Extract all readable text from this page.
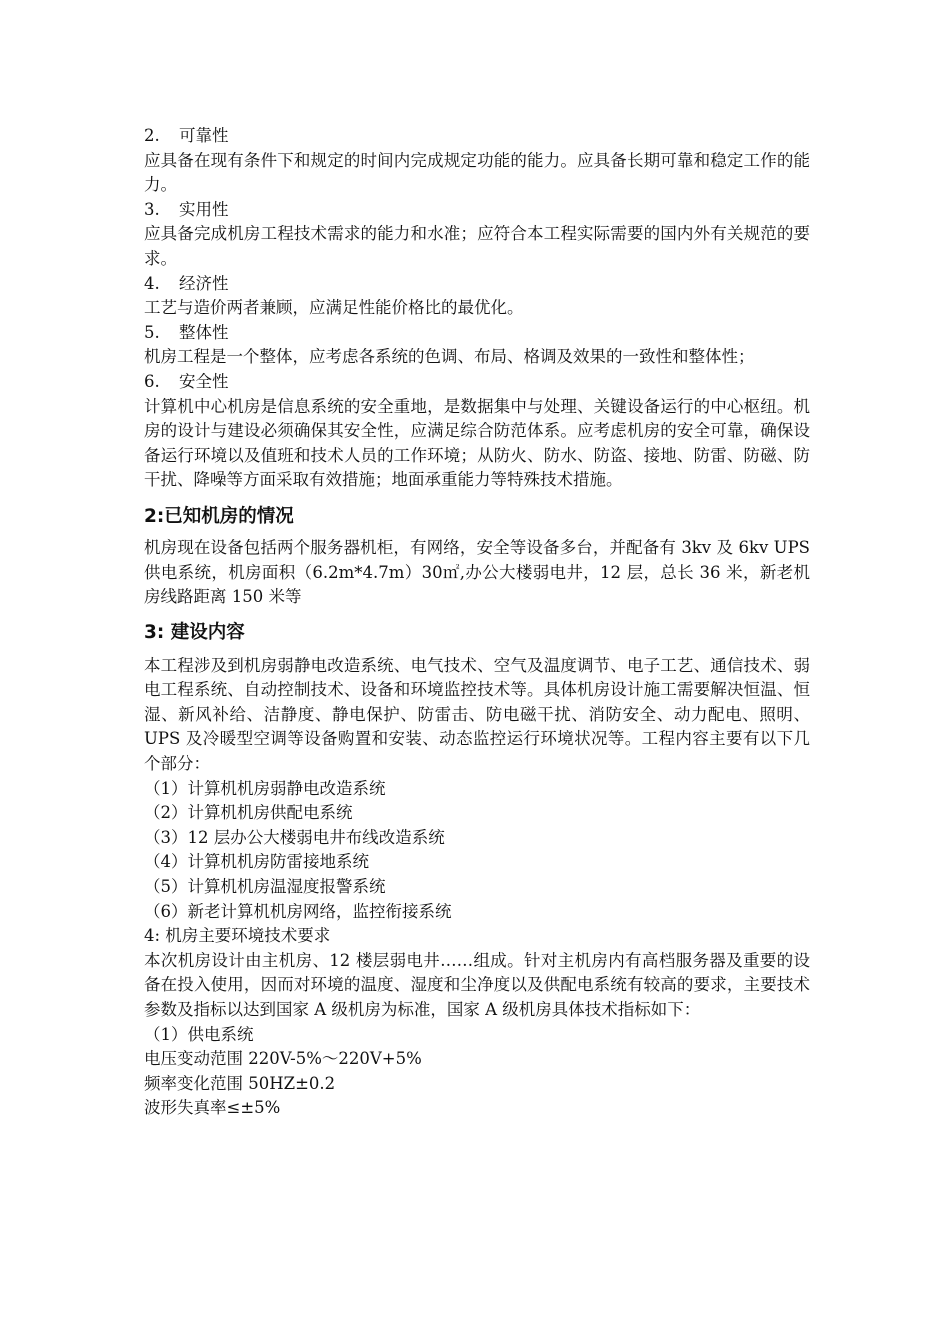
2. 可靠性

应具备在现有条件下和规定的时间内完成规定功能的能力。应具备长期可靠和稳定工作的能力。

3. 实用性

应具备完成机房工程技术需求的能力和水准；应符合本工程实际需要的国内外有关规范的要求。

4. 经济性

工艺与造价两者兼顾，应满足性能价格比的最优化。

5. 整体性

机房工程是一个整体，应考虑各系统的色调、布局、格调及效果的一致性和整体性；

6. 安全性

计算机中心机房是信息系统的安全重地，是数据集中与处理、关键设备运行的中心枢纽。机房的设计与建设必须确保其安全性，应满足综合防范体系。应考虑机房的安全可靠，确保设备运行环境以及值班和技术人员的工作环境；从防火、防水、防盗、接地、防雷、防磁、防干扰、降噪等方面采取有效措施；地面承重能力等特殊技术措施。

2:已知机房的情况

机房现在设备包括两个服务器机柜，有网络，安全等设备多台，并配备有 3kv 及 6kv UPS 供电系统，机房面积（6.2m*4.7m）30㎡,办公大楼弱电井，12 层，总长 36 米，新老机房线路距离 150 米等

3: 建设内容

本工程涉及到机房弱静电改造系统、电气技术、空气及温度调节、电子工艺、通信技术、弱电工程系统、自动控制技术、设备和环境监控技术等。具体机房设计施工需要解决恒温、恒湿、新风补给、洁静度、静电保护、防雷击、防电磁干扰、消防安全、动力配电、照明、UPS 及冷暖型空调等设备购置和安装、动态监控运行环境状况等。工程内容主要有以下几个部分：

（1）计算机机房弱静电改造系统

（2）计算机机房供配电系统

（3）12 层办公大楼弱电井布线改造系统

（4）计算机机房防雷接地系统

（5）计算机机房温湿度报警系统

（6）新老计算机机房网络，监控衔接系统

4: 机房主要环境技术要求

本次机房设计由主机房、12 楼层弱电井……组成。针对主机房内有高档服务器及重要的设备在投入使用，因而对环境的温度、湿度和尘净度以及供配电系统有较高的要求，主要技术参数及指标以达到国家 A 级机房为标准，国家 A 级机房具体技术指标如下：

（1）供电系统

电压变动范围 220V-5%～220V+5%

频率变化范围 50HZ±0.2

波形失真率≤±5%
